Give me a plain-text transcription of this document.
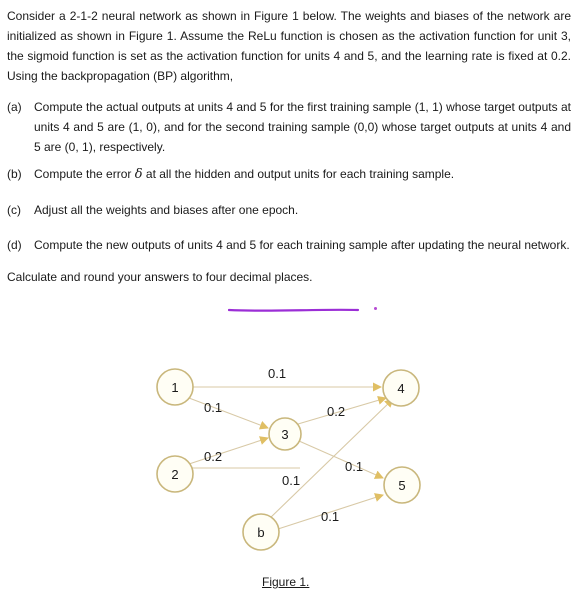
Consider a 2-1-2 neural network as shown in Figure 1 below. The weights and biases of the network are initialized as shown in Figure 1. Assume the ReLu function is chosen as the activation function for unit 3, the sigmoid function is set as the activation function for units 4 and 5, and the learning rate is fixed at 0.2. Using the backpropagation (BP) algorithm,

(a) Compute the actual outputs at units 4 and 5 for the first training sample (1, 1) whose target outputs at units 4 and 5 are (1, 0), and for the second training sample (0,0) whose target outputs at units 4 and 5 are (0, 1), respectively.

(b) Compute the error δ at all the hidden and output units for each training sample.

(c) Adjust all the weights and biases after one epoch.

(d) Compute the new outputs of units 4 and 5 for each training sample after updating the neural network.

Calculate and round your answers to four decimal places.

0.1
0.1
0.2
0.2
0.1
0.1
0.1
1
2
3
4
5
b
Figure 1.
